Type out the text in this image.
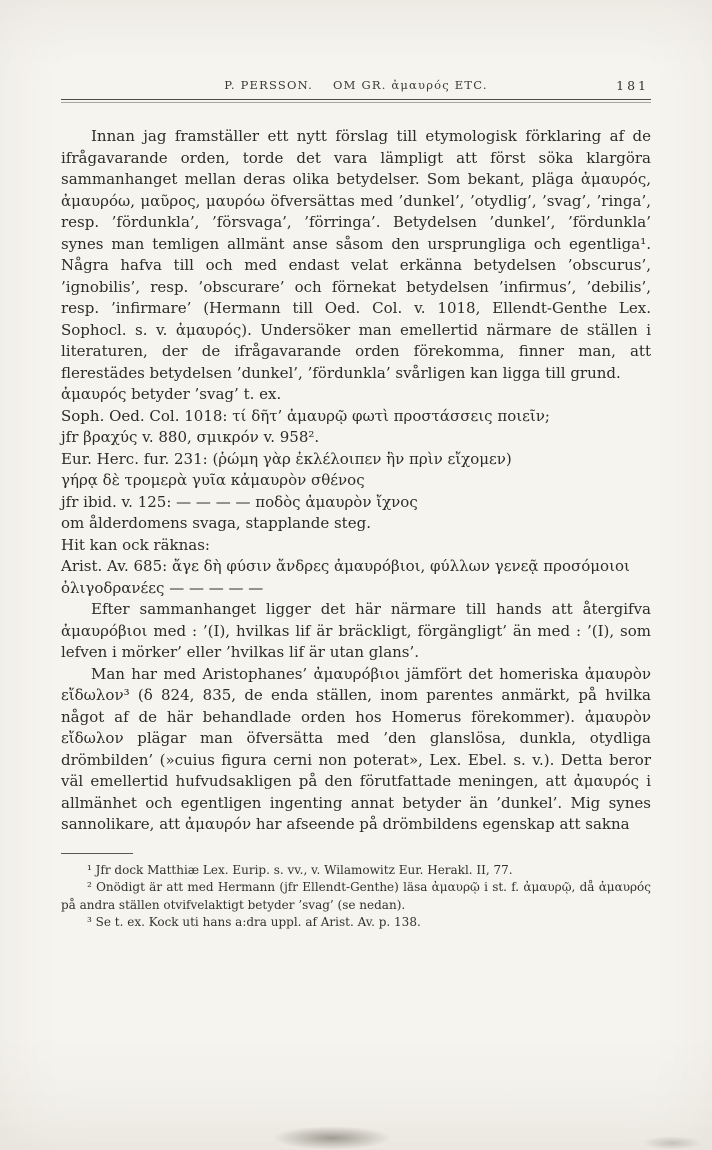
P. PERSSON. OM GR. ἀμαυρός ETC.	181

Innan jag framställer ett nytt förslag till etymologisk förklaring af de ifrågavarande orden, torde det vara lämpligt att först söka klargöra sammanhanget mellan deras olika betydelser. Som bekant, pläga ἀμαυρός, ἀμαυρόω, μαῦρος, μαυρόω öfversättas med ’dunkel’, ’otydlig’, ’svag’, ’ringa’, resp. ’fördunkla’, ’försvaga’, ’förringa’. Betydelsen ’dunkel’, ’fördunkla’ synes man temligen allmänt anse såsom den ursprungliga och egentliga¹. Några hafva till och med endast velat erkänna betydelsen ’obscurus’, ’ignobilis’, resp. ’obscurare’ och förnekat betydelsen ’infirmus’, ’debilis’, resp. ’infirmare’ (Hermann till Oed. Col. v. 1018, Ellendt-Genthe Lex. Sophocl. s. v. ἀμαυρός). Undersöker man emellertid närmare de ställen i literaturen, der de ifrågavarande orden förekomma, finner man, att flerestädes betydelsen ’dunkel’, ’fördunkla’ svårligen kan ligga till grund.

ἀμαυρός betyder ’svag’ t. ex.

Soph. Oed. Col. 1018: τί δῆτ’ ἀμαυρῷ φωτὶ προστάσσεις ποιεῖν;

jfr βραχύς v. 880, σμικρόν v. 958².

Eur. Herc. fur. 231: (ῥώμη γὰρ ἐκλέλοιπεν ἣν πρὶν εἴχομεν)

γήρᾳ δὲ τρομερὰ γυῖα κἀμαυρὸν σθένος

jfr ibid. v. 125: — — — — ποδὸς ἀμαυρὸν ἴχνος

om ålderdomens svaga, stapplande steg.

Hit kan ock räknas:

Arist. Av. 685: ἄγε δὴ φύσιν ἄνδρες ἀμαυρόβιοι, φύλλων γενεᾷ προσόμοιοι

ὀλιγοδρανέες — — — — —

Efter sammanhanget ligger det här närmare till hands att återgifva ἀμαυρόβιοι med : ’(I), hvilkas lif är bräckligt, förgängligt’ än med : ’(I), som lefven i mörker’ eller ’hvilkas lif är utan glans’.

Man har med Aristophanes’ ἀμαυρόβιοι jämfört det homeriska ἀμαυρὸν εἴδωλον³ (δ 824, 835, de enda ställen, inom parentes anmärkt, på hvilka något af de här behandlade orden hos Homerus förekommer). ἀμαυρὸν εἴδωλον plägar man öfversätta med ’den glanslösa, dunkla, otydliga drömbilden’ (»cuius figura cerni non poterat», Lex. Ebel. s. v.). Detta beror väl emellertid hufvudsakligen på den förutfattade meningen, att ἀμαυρός i allmänhet och egentligen ingenting annat betyder än ’dunkel’. Mig synes sannolikare, att ἀμαυρόν har afseende på drömbildens egenskap att sakna

¹ Jfr dock Matthiæ Lex. Eurip. s. vv., v. Wilamowitz Eur. Herakl. II, 77.

² Onödigt är att med Hermann (jfr Ellendt-Genthe) läsa ἀμαυρῷ i st. f. ἀμαυρῷ, då ἀμαυρός på andra ställen otvifvelaktigt betyder ’svag’ (se nedan).

³ Se t. ex. Kock uti hans a:dra uppl. af Arist. Av. p. 138.
